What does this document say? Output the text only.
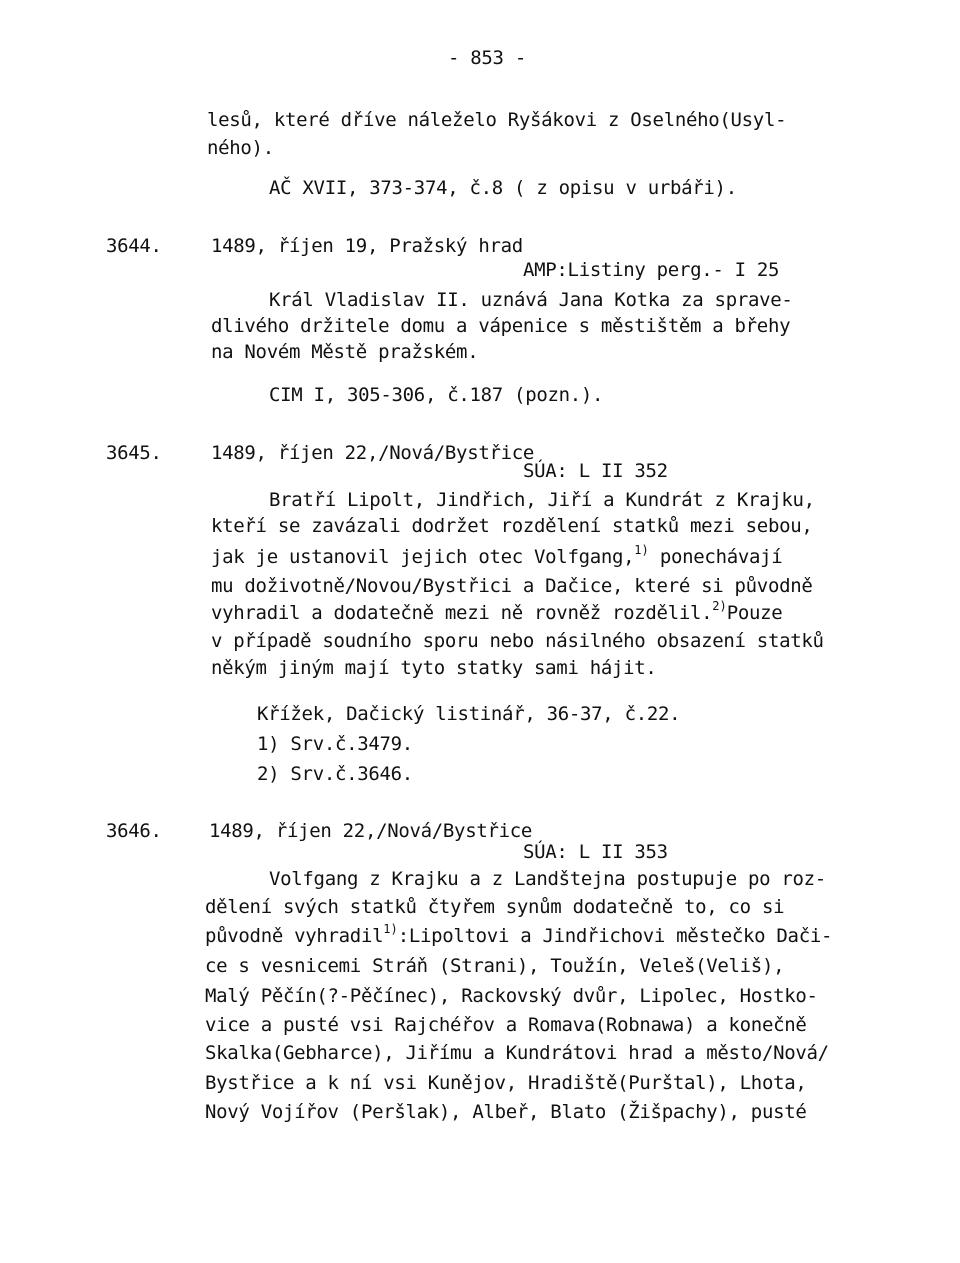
- 853 -
lesů, které dříve náleželo Ryšákovi z Oselného(Usyl-
ného).
AČ XVII, 373-374, č.8 ( z opisu v urbáři).
3644.	1489, říjen 19, Pražský hrad
AMP:Listiny perg.- I 25
Král Vladislav II. uznává Jana Kotka za sprave-
dlivého držitele domu a vápenice s městištěm a břehy
na Novém Městě pražském.
CIM I, 305-306, č.187 (pozn.).
3645.	1489, říjen 22,/Nová/Bystřice
SÚA: L II 352
Bratří Lipolt, Jindřich, Jiří a Kundrát z Krajku,
kteří se zavázali dodržet rozdělení statků mezi sebou,
jak je ustanovil jejich otec Volfgang,$^{1)}$ ponechávají
mu doživotně/Novou/Bystřici a Dačice, které si původně
vyhradil a dodatečně mezi ně rovněž rozdělil.$^{2)}$Pouze
v případě soudního sporu nebo násilného obsazení statků
někým jiným mají tyto statky sami hájit.
Křížek, Dačický listinář, 36-37, č.22.
1) Srv.č.3479.
2) Srv.č.3646.
3646. 1489, říjen 22,/Nová/Bystřice
SÚA: L II 353
Volfgang z Krajku a z Landštejna postupuje po roz-
dělení svých statků čtyřem synům dodatečně to, co si
původně vyhradil$^{1)}$:Lipoltovi a Jindřichovi městečko Dači-
ce s vesnicemi Stráň (Strani), Toužín, Veleš(Veliš),
Malý Pěčín(?-Pěčínec), Rackovský dvůr, Lipolec, Hostko-
vice a pusté vsi Rajchéřov a Romava(Robnawa) a konečně
Skalka(Gebharce), Jiřímu a Kundrátovi hrad a město/Nová/
Bystřice a k ní vsi Kunějov, Hradiště(Purštal), Lhota,
Nový Vojířov (Peršlak), Albeř, Blato (Žišpachy), pusté
